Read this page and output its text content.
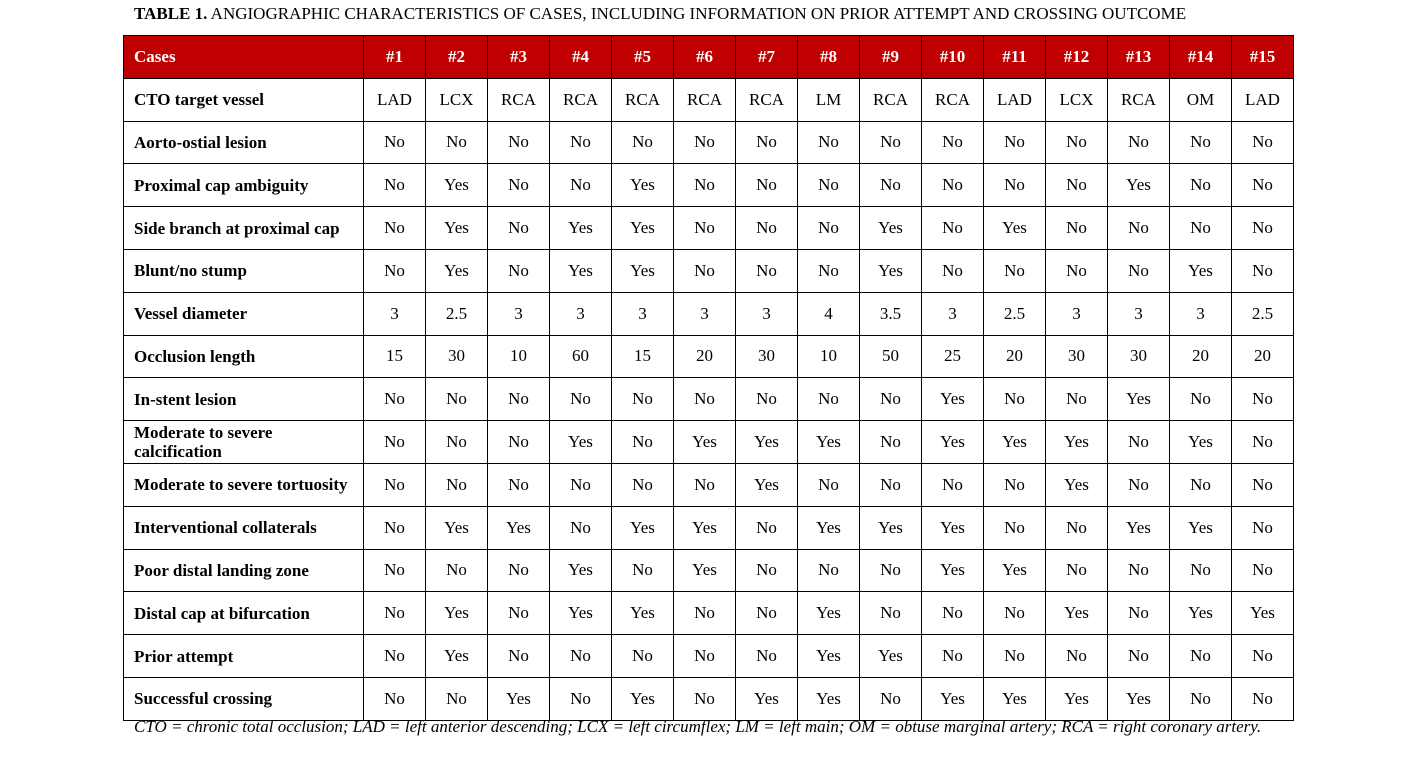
TABLE 1. ANGIOGRAPHIC CHARACTERISTICS OF CASES, INCLUDING INFORMATION ON PRIOR ATTEMPT AND CROSSING OUTCOME
Cases	#1	#2	#3	#4	#5	#6	#7	#8	#9	#10	#11	#12	#13	#14	#15
CTO target vessel	LAD	LCX	RCA	RCA	RCA	RCA	RCA	LM	RCA	RCA	LAD	LCX	RCA	OM	LAD
Aorto-ostial lesion	No	No	No	No	No	No	No	No	No	No	No	No	No	No	No
Proximal cap ambiguity	No	Yes	No	No	Yes	No	No	No	No	No	No	No	Yes	No	No
Side branch at proximal cap	No	Yes	No	Yes	Yes	No	No	No	Yes	No	Yes	No	No	No	No
Blunt/no stump	No	Yes	No	Yes	Yes	No	No	No	Yes	No	No	No	No	Yes	No
Vessel diameter	3	2.5	3	3	3	3	3	4	3.5	3	2.5	3	3	3	2.5
Occlusion length	15	30	10	60	15	20	30	10	50	25	20	30	30	20	20
In-stent lesion	No	No	No	No	No	No	No	No	No	Yes	No	No	Yes	No	No
Moderate to severe calcification	No	No	No	Yes	No	Yes	Yes	Yes	No	Yes	Yes	Yes	No	Yes	No
Moderate to severe tortuosity	No	No	No	No	No	No	Yes	No	No	No	No	Yes	No	No	No
Interventional collaterals	No	Yes	Yes	No	Yes	Yes	No	Yes	Yes	Yes	No	No	Yes	Yes	No
Poor distal landing zone	No	No	No	Yes	No	Yes	No	No	No	Yes	Yes	No	No	No	No
Distal cap at bifurcation	No	Yes	No	Yes	Yes	No	No	Yes	No	No	No	Yes	No	Yes	Yes
Prior attempt	No	Yes	No	No	No	No	No	Yes	Yes	No	No	No	No	No	No
Successful crossing	No	No	Yes	No	Yes	No	Yes	Yes	No	Yes	Yes	Yes	Yes	No	No
CTO = chronic total occlusion; LAD = left anterior descending; LCX = left circumflex; LM = left main; OM = obtuse marginal artery; RCA = right coronary artery.
